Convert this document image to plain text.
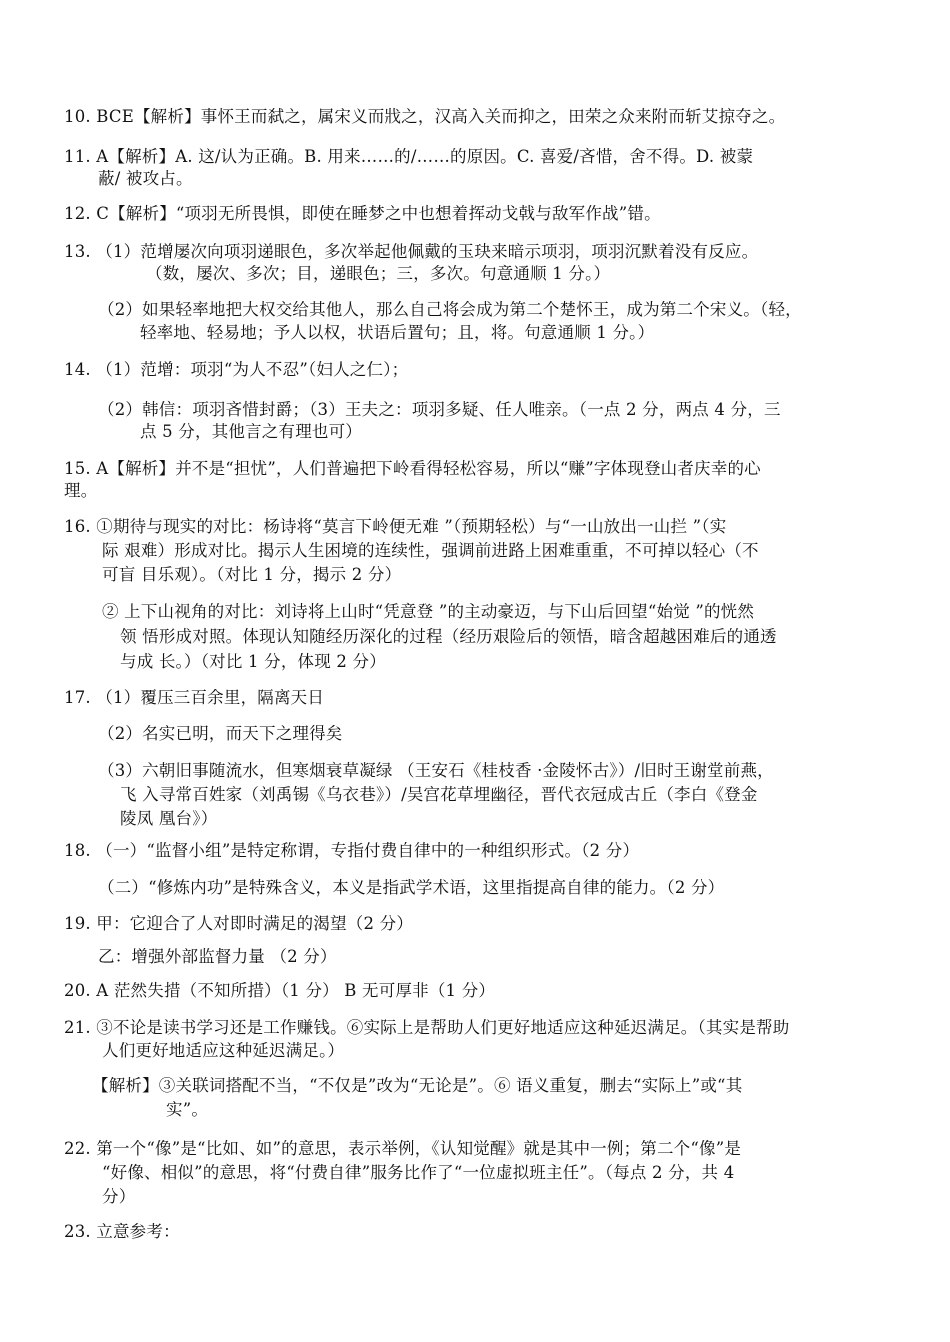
10. BCE【解析】事怀王而弑之，属宋义而戕之，汉高入关而抑之，田荣之众来附而斩艾掠夺之。
11. A【解析】A. 这/认为正确。B. 用来……的/……的原因。C. 喜爱/吝惜，舍不得。D. 被蒙
蔽/ 被攻占。
12. C【解析】“项羽无所畏惧，即使在睡梦之中也想着挥动戈戟与敌军作战”错。
13. （1）范增屡次向项羽递眼色，多次举起他佩戴的玉玦来暗示项羽，项羽沉默着没有反应。
（数，屡次、多次；目，递眼色；三，多次。句意通顺 1 分。）
（2）如果轻率地把大权交给其他人，那么自己将会成为第二个楚怀王，成为第二个宋义。（轻，
轻率地、轻易地；予人以权，状语后置句；且，将。句意通顺 1 分。）
14. （1）范增：项羽“为人不忍”（妇人之仁）；
（2）韩信：项羽吝惜封爵；（3）王夫之：项羽多疑、任人唯亲。（一点 2 分，两点 4 分，三
点 5 分，其他言之有理也可）
15. A【解析】并不是“担忧”，人们普遍把下岭看得轻松容易，所以“赚”字体现登山者庆幸的心
理。
16. ①期待与现实的对比：杨诗将“莫言下岭便无难 ”（预期轻松）与“一山放出一山拦 ”（实
际 艰难）形成对比。揭示人生困境的连续性，强调前进路上困难重重，不可掉以轻心（不
可盲 目乐观）。（对比 1 分，揭示 2 分）
② 上下山视角的对比：刘诗将上山时“凭意登 ”的主动豪迈，与下山后回望“始觉 ”的恍然
领 悟形成对照。体现认知随经历深化的过程（经历艰险后的领悟，暗含超越困难后的通透
与成 长。）（对比 1 分，体现 2 分）
17. （1）覆压三百余里，隔离天日
（2）名实已明，而天下之理得矣
（3）六朝旧事随流水，但寒烟衰草凝绿 （王安石《桂枝香 ·金陵怀古》）/旧时王谢堂前燕，
飞 入寻常百姓家（刘禹锡《乌衣巷》）/吴宫花草埋幽径，晋代衣冠成古丘（李白《登金
陵凤 凰台》）
18. （一）“监督小组”是特定称谓，专指付费自律中的一种组织形式。（2 分）
（二）“修炼内功”是特殊含义，本义是指武学术语，这里指提高自律的能力。（2 分）
19. 甲：它迎合了人对即时满足的渴望（2 分）
乙：增强外部监督力量 （2 分）
20. A 茫然失措（不知所措）（1 分） B 无可厚非（1 分）
21. ③不论是读书学习还是工作赚钱。⑥实际上是帮助人们更好地适应这种延迟满足。（其实是帮助
人们更好地适应这种延迟满足。）
【解析】③关联词搭配不当，“不仅是”改为“无论是”。⑥ 语义重复，删去“实际上”或“其
实”。
22. 第一个“像”是“比如、如”的意思，表示举例，《认知觉醒》就是其中一例；第二个“像”是
“好像、相似”的意思，将“付费自律”服务比作了“一位虚拟班主任”。（每点 2 分，共 4
分）
23. 立意参考：
